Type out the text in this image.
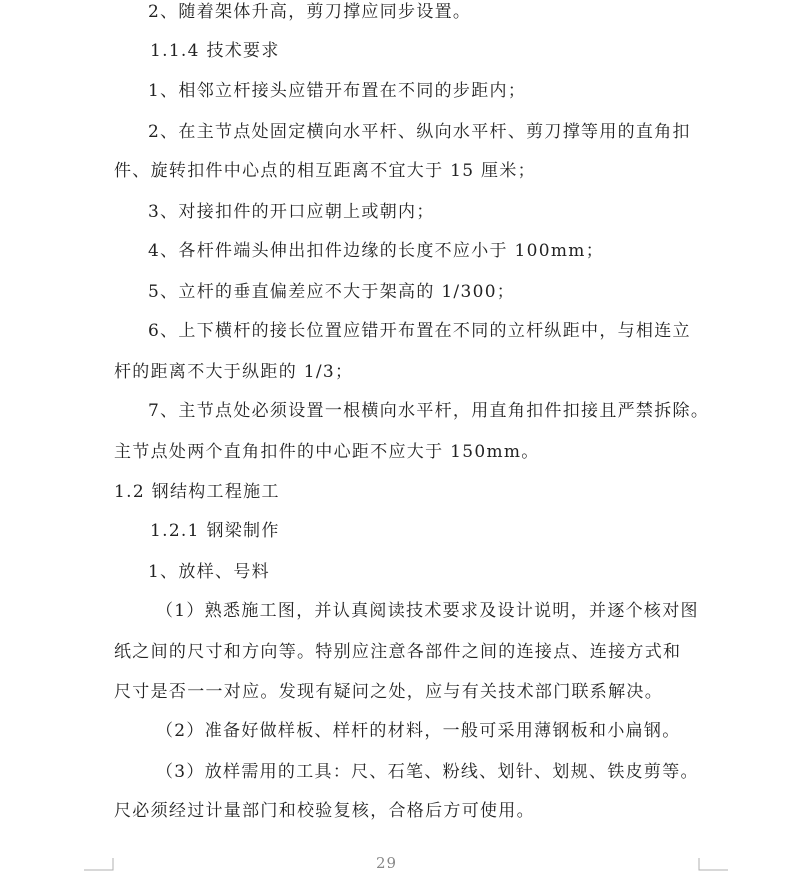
2、随着架体升高，剪刀撑应同步设置。
1.1.4 技术要求
1、相邻立杆接头应错开布置在不同的步距内；
2、在主节点处固定横向水平杆、纵向水平杆、剪刀撑等用的直角扣
件、旋转扣件中心点的相互距离不宜大于 15 厘米；
3、对接扣件的开口应朝上或朝内；
4、各杆件端头伸出扣件边缘的长度不应小于 100mm；
5、立杆的垂直偏差应不大于架高的 1/300；
6、上下横杆的接长位置应错开布置在不同的立杆纵距中，与相连立
杆的距离不大于纵距的 1/3；
7、主节点处必须设置一根横向水平杆，用直角扣件扣接且严禁拆除。
主节点处两个直角扣件的中心距不应大于 150mm。
1.2 钢结构工程施工
1.2.1 钢梁制作
1、放样、号料
（1）熟悉施工图，并认真阅读技术要求及设计说明，并逐个核对图
纸之间的尺寸和方向等。特别应注意各部件之间的连接点、连接方式和
尺寸是否一一对应。发现有疑问之处，应与有关技术部门联系解决。
（2）准备好做样板、样杆的材料，一般可采用薄钢板和小扁钢。
（3）放样需用的工具：尺、石笔、粉线、划针、划规、铁皮剪等。
尺必须经过计量部门和校验复核，合格后方可使用。
29
